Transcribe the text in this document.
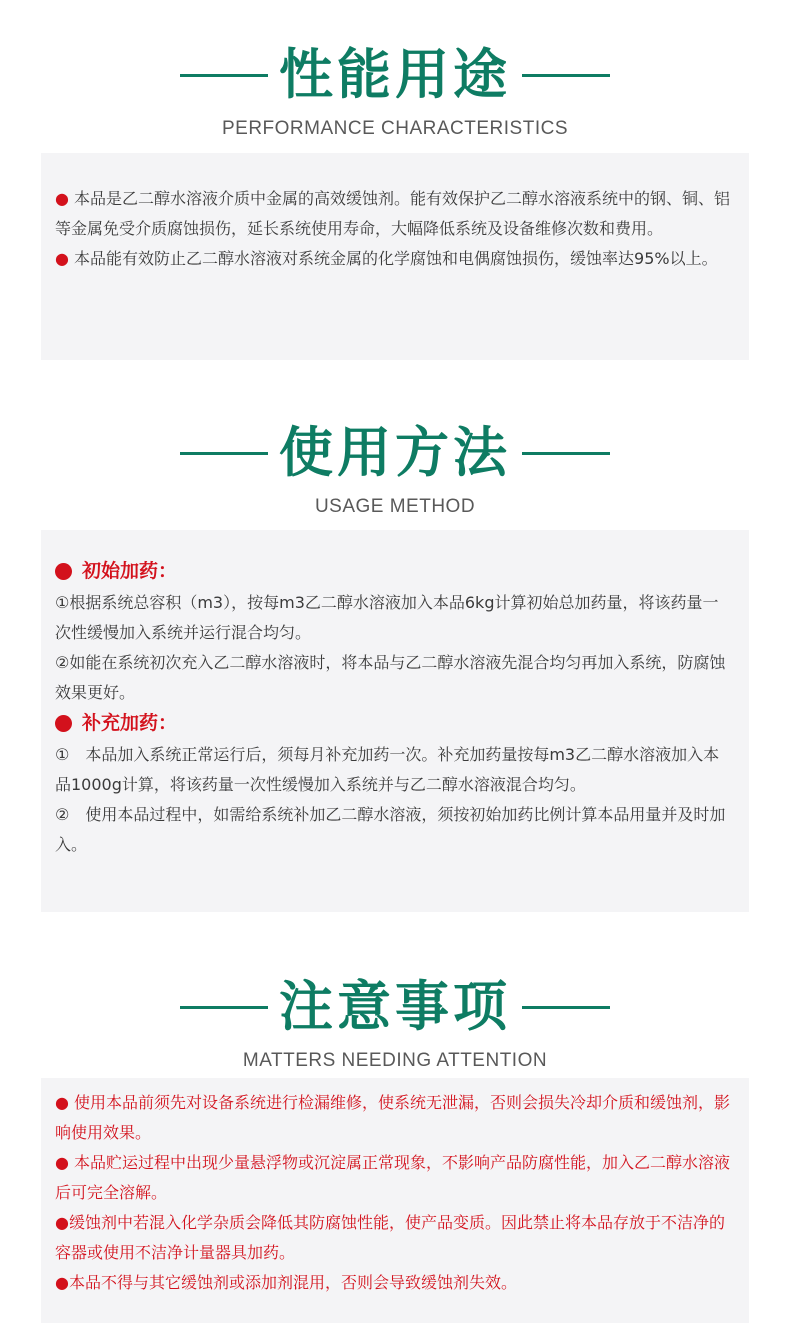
性能用途
PERFORMANCE CHARACTERISTICS

● 本品是乙二醇水溶液介质中金属的高效缓蚀剂。能有效保护乙二醇水溶液系统中的钢、铜、铝等金属免受介质腐蚀损伤，延长系统使用寿命，大幅降低系统及设备维修次数和费用。

● 本品能有效防止乙二醇水溶液对系统金属的化学腐蚀和电偶腐蚀损伤，缓蚀率达95%以上。

使用方法
USAGE METHOD
初始加药：

①根据系统总容积（m3），按每m3乙二醇水溶液加入本品6kg计算初始总加药量，将该药量一次性缓慢加入系统并运行混合均匀。

②如能在系统初次充入乙二醇水溶液时，将本品与乙二醇水溶液先混合均匀再加入系统，防腐蚀效果更好。

补充加药：

①　本品加入系统正常运行后，须每月补充加药一次。补充加药量按每m3乙二醇水溶液加入本品1000g计算，将该药量一次性缓慢加入系统并与乙二醇水溶液混合均匀。

②　使用本品过程中，如需给系统补加乙二醇水溶液，须按初始加药比例计算本品用量并及时加入。

注意事项
MATTERS NEEDING ATTENTION

● 使用本品前须先对设备系统进行检漏维修，使系统无泄漏，否则会损失冷却介质和缓蚀剂，影响使用效果。

● 本品贮运过程中出现少量悬浮物或沉淀属正常现象，不影响产品防腐性能，加入乙二醇水溶液后可完全溶解。

●缓蚀剂中若混入化学杂质会降低其防腐蚀性能，使产品变质。因此禁止将本品存放于不洁净的容器或使用不洁净计量器具加药。

●本品不得与其它缓蚀剂或添加剂混用，否则会导致缓蚀剂失效。
